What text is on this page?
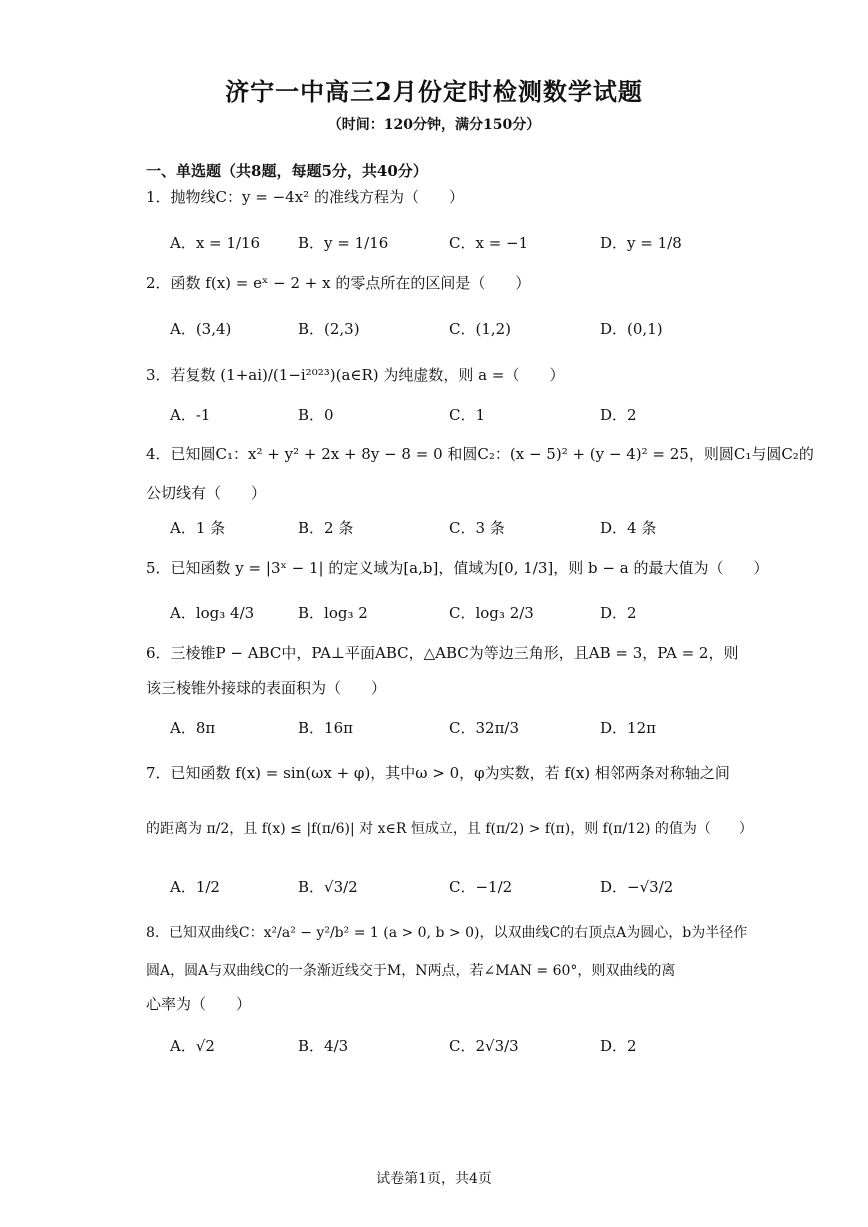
济宁一中高三2月份定时检测数学试题
（时间：120分钟，满分150分）
一、单选题（共8题，每题5分，共40分）
1．抛物线C：y = −4x² 的准线方程为（　　）
A．x = 1/16	B．y = 1/16	C．x = −1	D．y = 1/8
2．函数 f(x) = eˣ − 2 + x 的零点所在的区间是（　　）
A．(3,4)	B．(2,3)	C．(1,2)	D．(0,1)
3．若复数 (1+ai)/(1−i²⁰²³)(a∈R) 为纯虚数，则 a =（　　）
A．-1	B．0	C．1	D．2
4．已知圆C₁：x² + y² + 2x + 8y − 8 = 0 和圆C₂：(x − 5)² + (y − 4)² = 25，则圆C₁与圆C₂的
公切线有（　　）
A．1 条	B．2 条	C．3 条	D．4 条
5．已知函数 y = |3ˣ − 1| 的定义域为[a,b]，值域为[0, 1/3]，则 b − a 的最大值为（　　）
A．log₃ 4/3	B．log₃ 2	C．log₃ 2/3	D．2
6．三棱锥P − ABC中，PA⊥平面ABC，△ABC为等边三角形，且AB = 3，PA = 2，则
该三棱锥外接球的表面积为（　　）
A．8π	B．16π	C．32π/3	D．12π
7．已知函数 f(x) = sin(ωx + φ)，其中ω > 0，φ为实数，若 f(x) 相邻两条对称轴之间
的距离为 π/2，且 f(x) ≤ |f(π/6)| 对 x∈R 恒成立，且 f(π/2) > f(π)，则 f(π/12) 的值为（　　）
A．1/2	B．√3/2	C．−1/2	D．−√3/2
8．已知双曲线C：x²/a² − y²/b² = 1 (a > 0, b > 0)，以双曲线C的右顶点A为圆心，b为半径作
圆A，圆A与双曲线C的一条渐近线交于M，N两点，若∠MAN = 60°，则双曲线的离
心率为（　　）
A．√2	B．4/3	C．2√3/3	D．2
试卷第1页，共4页
